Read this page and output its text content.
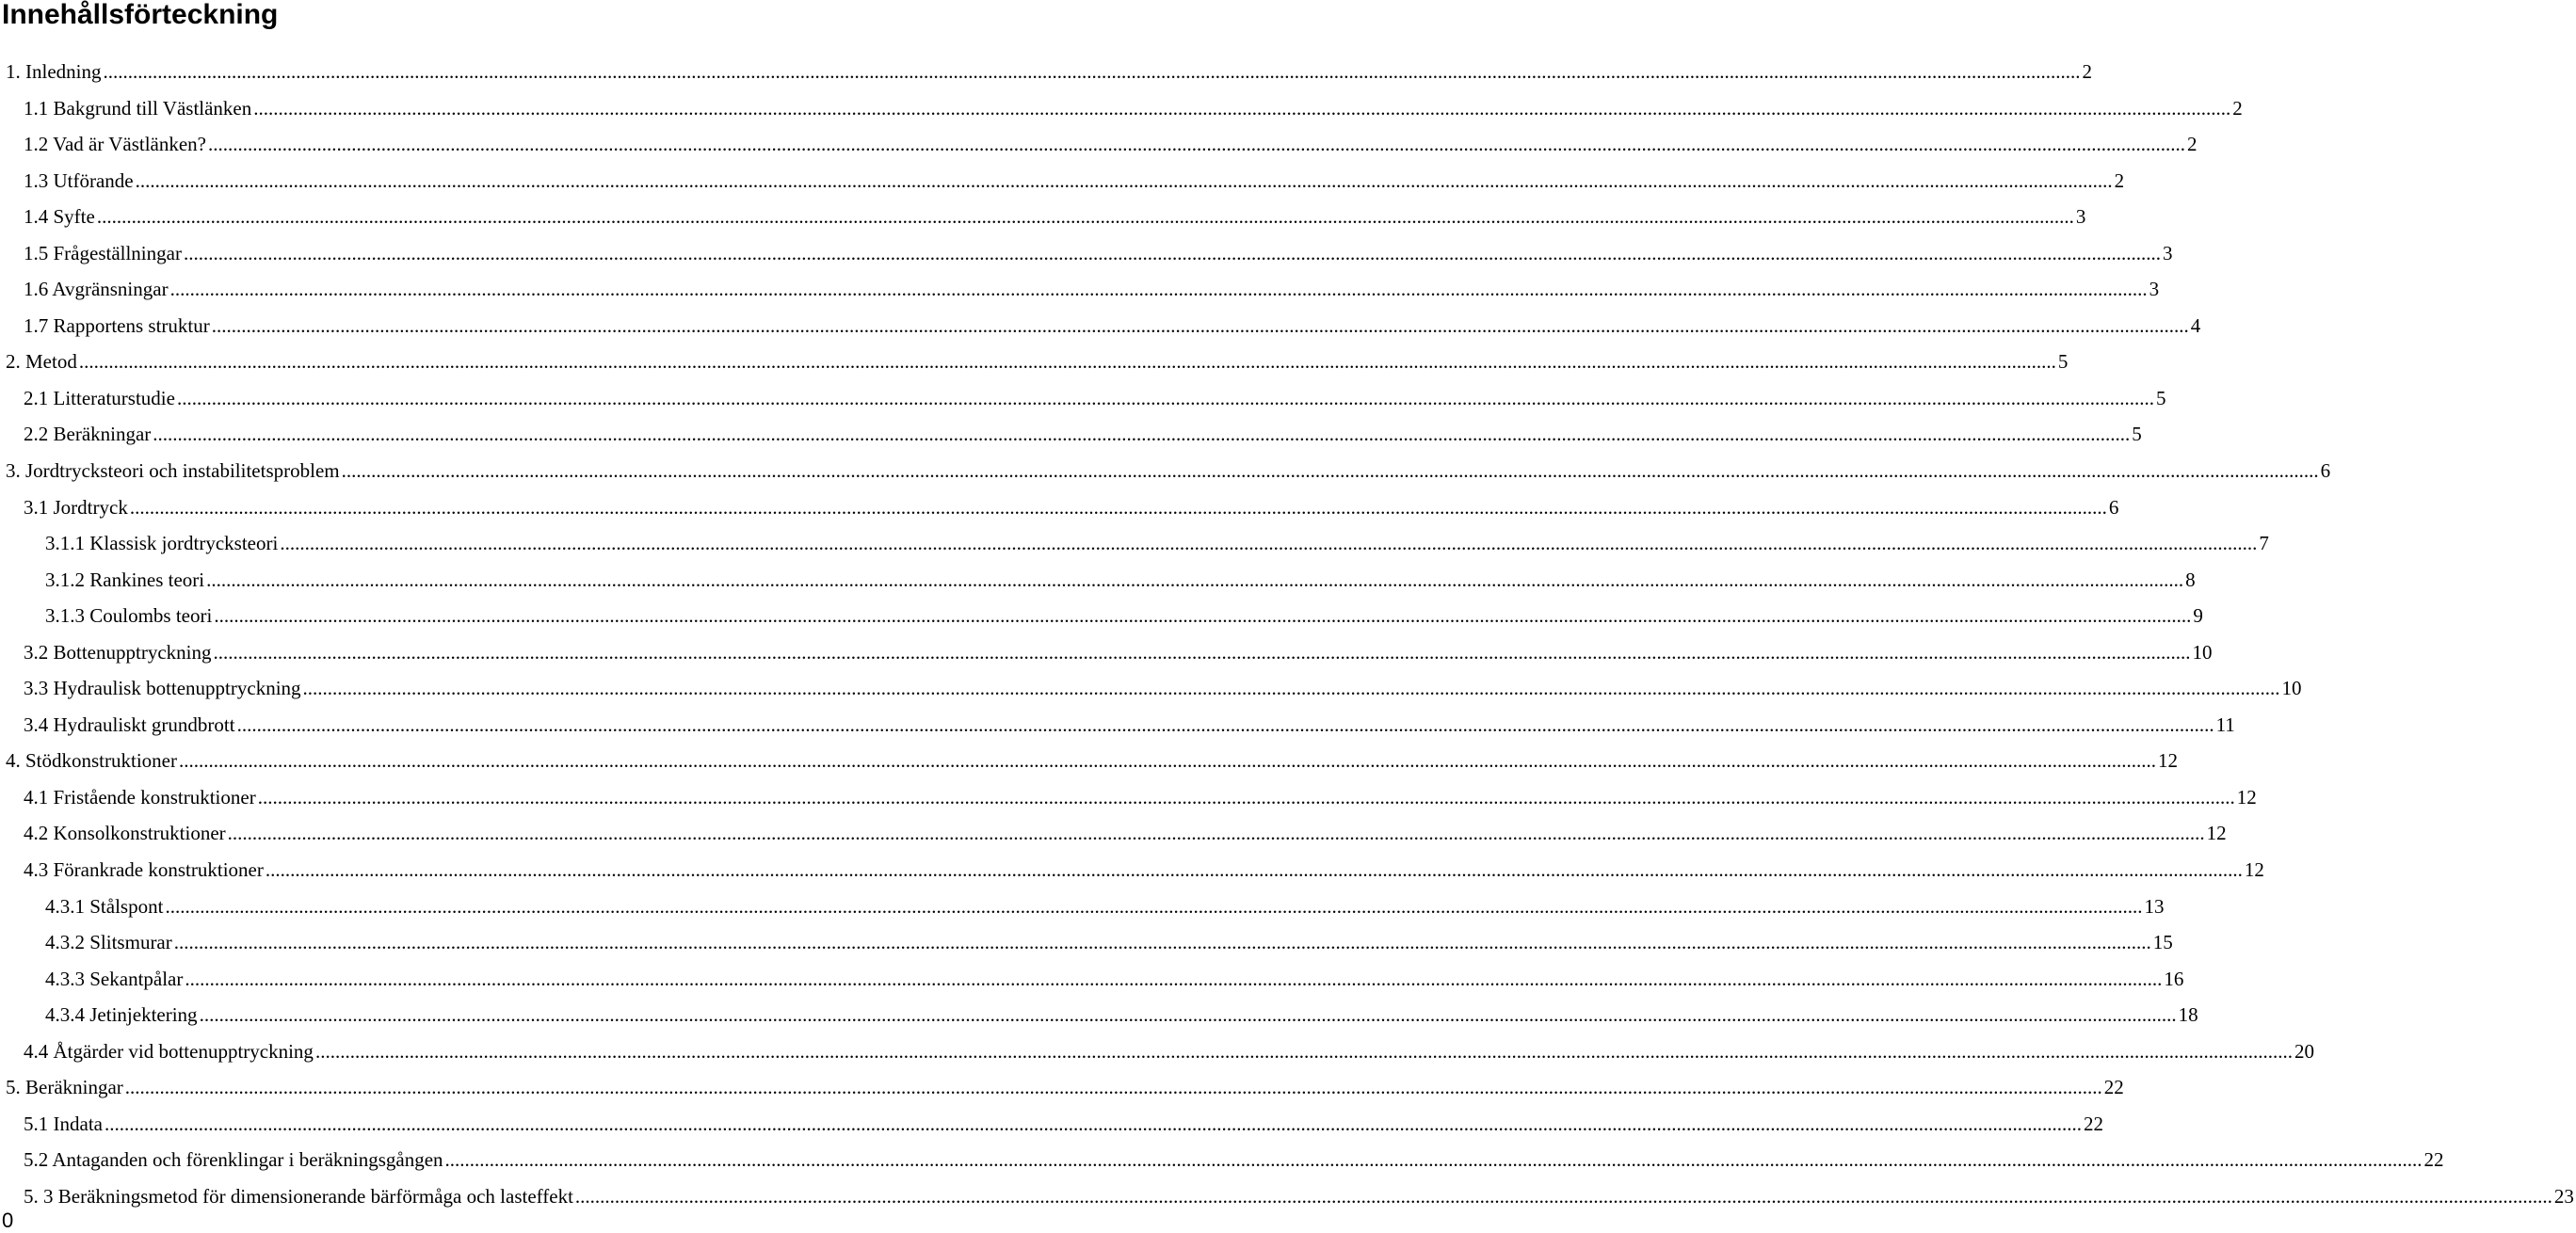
Innehållsförteckning
1. Inledning ................................................................................................................................................................................................................................................................................................................................................................................................................ 2
1.1 Bakgrund till Västlänken ................................................................................................................................................................................................................................................................................................................................................................................................................ 2
1.2 Vad är Västlänken? ................................................................................................................................................................................................................................................................................................................................................................................................................ 2
1.3 Utförande ................................................................................................................................................................................................................................................................................................................................................................................................................ 2
1.4 Syfte ................................................................................................................................................................................................................................................................................................................................................................................................................ 3
1.5 Frågeställningar ................................................................................................................................................................................................................................................................................................................................................................................................................ 3
1.6 Avgränsningar ................................................................................................................................................................................................................................................................................................................................................................................................................ 3
1.7 Rapportens struktur ................................................................................................................................................................................................................................................................................................................................................................................................................ 4
2. Metod ................................................................................................................................................................................................................................................................................................................................................................................................................ 5
2.1 Litteraturstudie ................................................................................................................................................................................................................................................................................................................................................................................................................ 5
2.2 Beräkningar ................................................................................................................................................................................................................................................................................................................................................................................................................ 5
3. Jordtrycksteori och instabilitetsproblem ................................................................................................................................................................................................................................................................................................................................................................................................................ 6
3.1 Jordtryck ................................................................................................................................................................................................................................................................................................................................................................................................................ 6
3.1.1 Klassisk jordtrycksteori ................................................................................................................................................................................................................................................................................................................................................................................................................ 7
3.1.2 Rankines teori ................................................................................................................................................................................................................................................................................................................................................................................................................ 8
3.1.3 Coulombs teori ................................................................................................................................................................................................................................................................................................................................................................................................................ 9
3.2 Bottenupptryckning ................................................................................................................................................................................................................................................................................................................................................................................................................ 10
3.3 Hydraulisk bottenupptryckning ................................................................................................................................................................................................................................................................................................................................................................................................................ 10
3.4 Hydrauliskt grundbrott ................................................................................................................................................................................................................................................................................................................................................................................................................ 11
4. Stödkonstruktioner ................................................................................................................................................................................................................................................................................................................................................................................................................ 12
4.1 Fristående konstruktioner ................................................................................................................................................................................................................................................................................................................................................................................................................ 12
4.2 Konsolkonstruktioner ................................................................................................................................................................................................................................................................................................................................................................................................................ 12
4.3 Förankrade konstruktioner ................................................................................................................................................................................................................................................................................................................................................................................................................ 12
4.3.1 Stålspont ................................................................................................................................................................................................................................................................................................................................................................................................................ 13
4.3.2 Slitsmurar ................................................................................................................................................................................................................................................................................................................................................................................................................ 15
4.3.3 Sekantpålar ................................................................................................................................................................................................................................................................................................................................................................................................................ 16
4.3.4 Jetinjektering ................................................................................................................................................................................................................................................................................................................................................................................................................ 18
4.4 Åtgärder vid bottenupptryckning ................................................................................................................................................................................................................................................................................................................................................................................................................ 20
5. Beräkningar ................................................................................................................................................................................................................................................................................................................................................................................................................ 22
5.1 Indata ................................................................................................................................................................................................................................................................................................................................................................................................................ 22
5.2 Antaganden och förenklingar i beräkningsgången ................................................................................................................................................................................................................................................................................................................................................................................................................ 22
5. 3 Beräkningsmetod för dimensionerande bärförmåga och lasteffekt ................................................................................................................................................................................................................................................................................................................................................................................................................ 23
0
